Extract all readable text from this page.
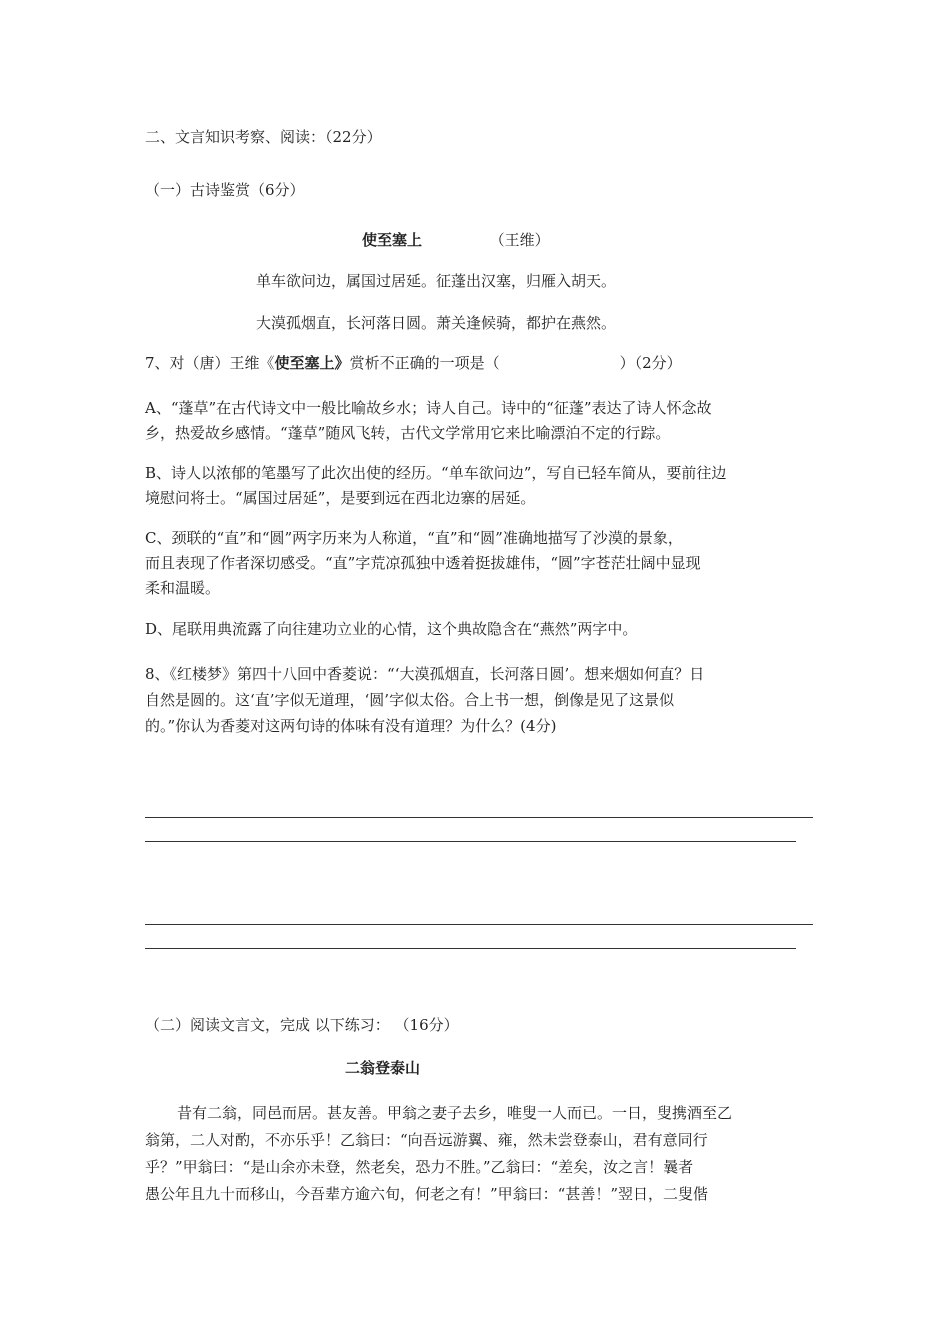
二、文言知识考察、阅读：（22分）
（一）古诗鉴赏（6分）
使至塞上	（王维）
单车欲问边，属国过居延。征蓬出汉塞，归雁入胡天。
大漠孤烟直，长河落日圆。萧关逢候骑，都护在燕然。
7、对（唐）王维《使至塞上》赏析不正确的一项是（	）（2分）
A、“蓬草”在古代诗文中一般比喻故乡水；诗人自己。诗中的“征蓬”表达了诗人怀念故
乡，热爱故乡感情。“蓬草”随风飞转，古代文学常用它来比喻漂泊不定的行踪。
B、诗人以浓郁的笔墨写了此次出使的经历。“单车欲问边”，写自已轻车简从，要前往边
境慰问将士。“属国过居延”，是要到远在西北边寨的居延。
C、颈联的“直”和“圆”两字历来为人称道，“直”和“圆”准确地描写了沙漠的景象，
而且表现了作者深切感受。“直”字荒凉孤独中透着挺拔雄伟，“圆”字苍茫壮阔中显现
柔和温暖。
D、尾联用典流露了向往建功立业的心情，这个典故隐含在“燕然”两字中。
8、《红楼梦》第四十八回中香菱说：“‘大漠孤烟直，长河落日圆’。想来烟如何直？日
自然是圆的。这‘直’字似无道理，‘圆’字似太俗。合上书一想，倒像是见了这景似
的。”你认为香菱对这两句诗的体味有没有道理？为什么？(4分)
（二）阅读文言文，完成 以下练习： （16分）
二翁登泰山
昔有二翁，同邑而居。甚友善。甲翁之妻子去乡，唯叟一人而已。一日，叟携酒至乙
翁第，二人对酌，不亦乐乎！乙翁曰：“向吾远游翼、雍，然未尝登泰山，君有意同行
乎？”甲翁曰：“是山余亦未登，然老矣，恐力不胜。”乙翁曰：“差矣，汝之言！曩者
愚公年且九十而移山，今吾辈方逾六旬，何老之有！”甲翁曰：“甚善！”翌日，二叟偕
